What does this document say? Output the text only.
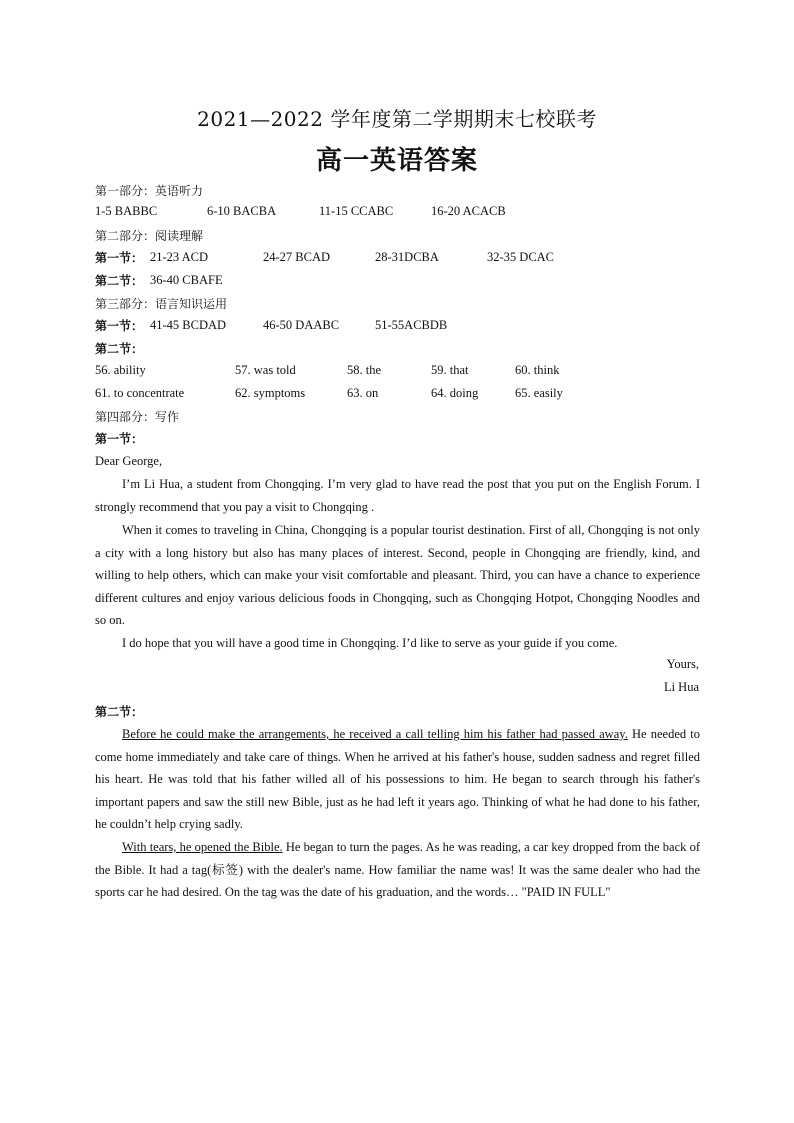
2021—2022 学年度第二学期期末七校联考
高一英语答案
第一部分：英语听力
1-5 BABBC	6-10 BACBA	11-15 CCABC	16-20 ACACB
第二部分：阅读理解
第一节： 21-23 ACD	24-27 BCAD	28-31DCBA	32-35 DCAC
第二节： 36-40 CBAFE
第三部分：语言知识运用
第一节： 41-45 BCDAD	46-50 DAABC	51-55ACBDB
第二节：
56. ability	57. was told	58. the	59. that	60. think
61. to concentrate	62. symptoms	63. on	64. doing	65. easily
第四部分：写作
第一节：
Dear George,

I’m Li Hua, a student from Chongqing. I’m very glad to have read the post that you put on the English Forum. I strongly recommend that you pay a visit to Chongqing .

When it comes to traveling in China, Chongqing is a popular tourist destination. First of all, Chongqing is not only a city with a long history but also has many places of interest. Second, people in Chongqing are friendly, kind, and willing to help others, which can make your visit comfortable and pleasant. Third, you can have a chance to experience different cultures and enjoy various delicious foods in Chongqing, such as Chongqing Hotpot, Chongqing Noodles and so on.

I do hope that you will have a good time in Chongqing. I’d like to serve as your guide if you come.

Yours,
Li Hua
第二节：

Before he could make the arrangements, he received a call telling him his father had passed away. He needed to come home immediately and take care of things. When he arrived at his father's house, sudden sadness and regret filled his heart. He was told that his father willed all of his possessions to him. He began to search through his father's important papers and saw the still new Bible, just as he had left it years ago. Thinking of what he had done to his father, he couldn’t help crying sadly.

With tears, he opened the Bible. He began to turn the pages. As he was reading, a car key dropped from the back of the Bible. It had a tag(标签) with the dealer's name. How familiar the name was! It was the same dealer who had the sports car he had desired. On the tag was the date of his graduation, and the words… "PAID IN FULL"
